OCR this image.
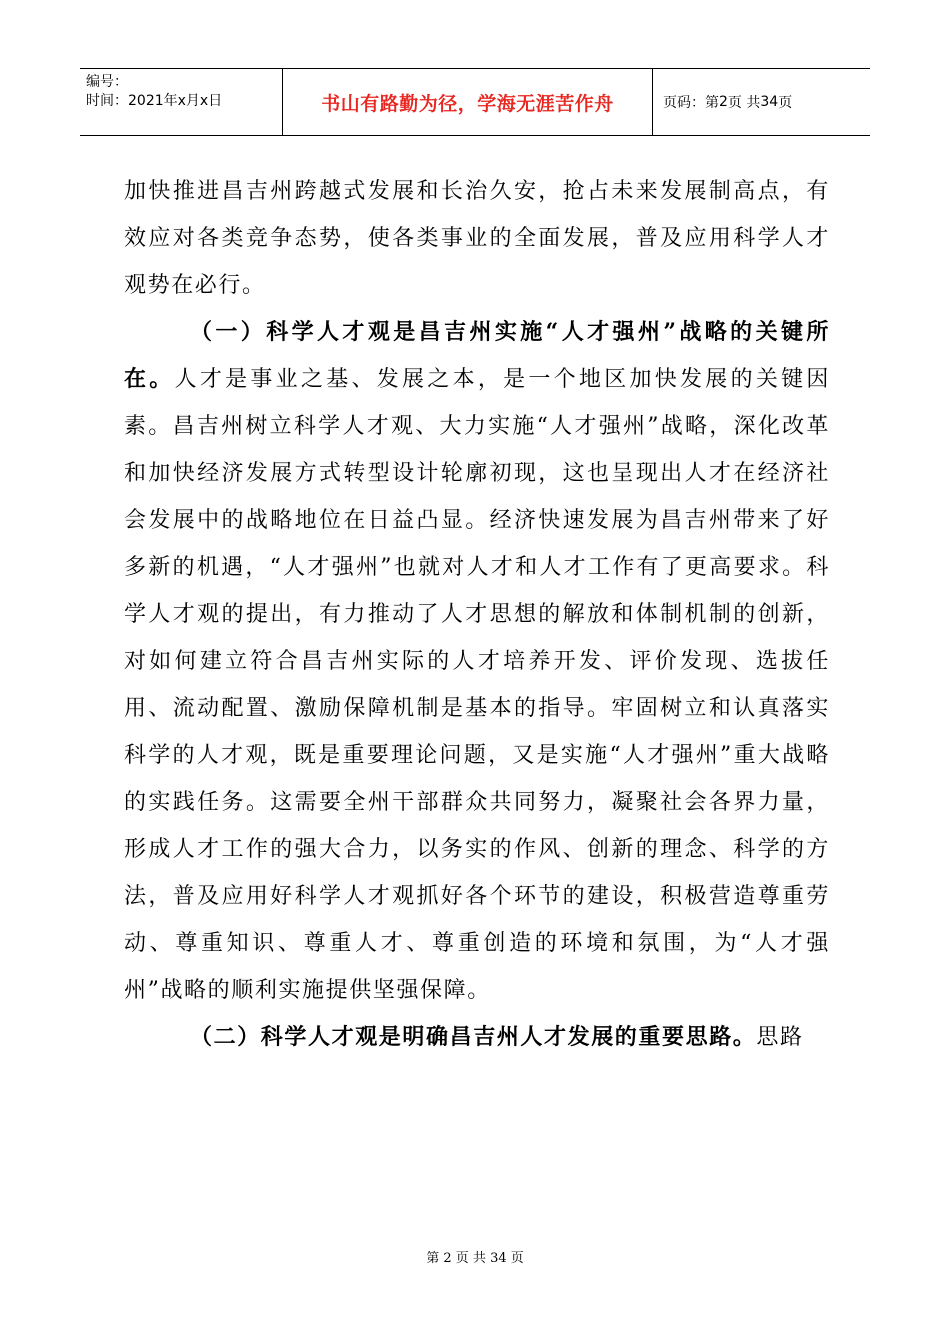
编号：
时间：2021年x月x日	书山有路勤为径，学海无涯苦作舟	页码：第 2 页 共 34 页

加快推进昌吉州跨越式发展和长治久安，抢占未来发展制高点，有效应对各类竞争态势，使各类事业的全面发展，普及应用科学人才观势在必行。

（一）科学人才观是昌吉州实施“人才强州”战略的关键所在。人才是事业之基、发展之本，是一个地区加快发展的关键因素。昌吉州树立科学人才观、大力实施“人才强州”战略，深化改革和加快经济发展方式转型设计轮廓初现，这也呈现出人才在经济社会发展中的战略地位在日益凸显。经济快速发展为昌吉州带来了好多新的机遇，“人才强州”也就对人才和人才工作有了更高要求。科学人才观的提出，有力推动了人才思想的解放和体制机制的创新，对如何建立符合昌吉州实际的人才培养开发、评价发现、选拔任用、流动配置、激励保障机制是基本的指导。牢固树立和认真落实科学的人才观，既是重要理论问题，又是实施“人才强州”重大战略的实践任务。这需要全州干部群众共同努力，凝聚社会各界力量，形成人才工作的强大合力，以务实的作风、创新的理念、科学的方法，普及应用好科学人才观抓好各个环节的建设，积极营造尊重劳动、尊重知识、尊重人才、尊重创造的环境和氛围，为“人才强州”战略的顺利实施提供坚强保障。

（二）科学人才观是明确昌吉州人才发展的重要思路。思路

第 2 页 共 34 页
